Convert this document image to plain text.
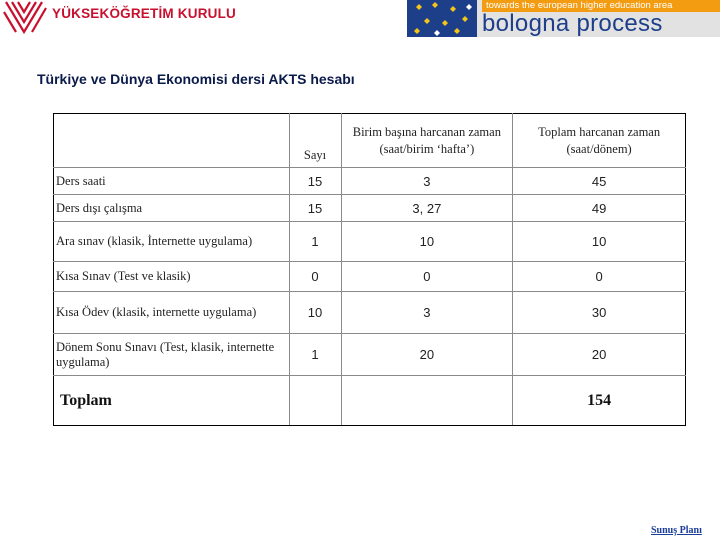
YÜKSEKÖĞRETİM KURULU
towards the european higher education area
bologna process
Türkiye ve Dünya Ekonomisi dersi AKTS hesabı
	Sayı	Birim başına harcanan zaman (saat/birim ‘hafta’)	Toplam harcanan zaman (saat/dönem)
Ders saati	15	3	45
Ders dışı çalışma	15	3, 27	49
Ara sınav (klasik, İnternette uygulama)	1	10	10
Kısa Sınav (Test ve klasik)	0	0	0
Kısa Ödev (klasik, internette uygulama)	10	3	30
Dönem Sonu Sınavı (Test, klasik, internette uygulama)	1	20	20
Toplam			154
Sunuş Planı
